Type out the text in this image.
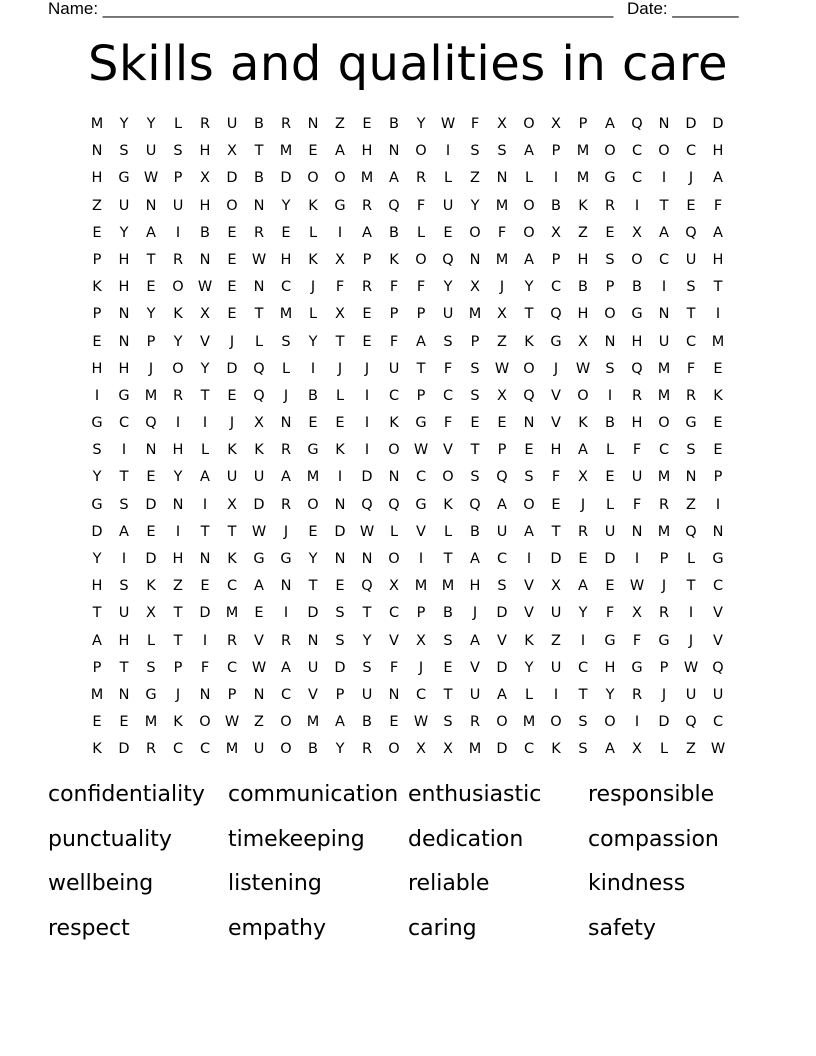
Name: ______________________________________________________ Date: _______
Skills and qualities in care
M	Y	Y	L	R	U	B	R	N	Z	E	B	Y W	F	X	O	X	P	A	Q	N	D	D
N	S	U	S	H	X	T	M	E	A	H	N	O	I	S	S	A	P	M O	C	O	C	H
H	G W P	X	D	B	D	O	O M	A	R	L	Z	N	L	I	M G	C	I	J	A
Z	U	N	U	H	O	N	Y	K	G	R	Q	F	U	Y	M O	B	K	R	I	T	E	F
E	Y	A	I	B	E	R	E	L	I	A	B	L	E	O	F	O	X	Z	E	X	A	Q	A
P	H	T	R	N	E W H	K	X	P	K	O	Q	N M	A	P	H	S	O	C	U	H
K	H	E	O W E	N	C	J	F	R	F	F	Y	X	J	Y	C	B	P	B	I	S	T
P	N	Y	K	X	E	T	M	L	X	E	P	P	U M	X	T	Q	H	O	G	N	T	I
E	N	P	Y	V	J	L	S	Y	T	E	F	A	S	P	Z	K	G	X	N	H	U	C	M
H	H	J	O	Y	D	Q	L	I	J	J	U	T	F	S W O	J	W S	Q M	F	E
I	G M	R	T	E	Q	J	B	L	I	C	P	C	S	X	Q	V	O	I	R	M	R	K
G	C	Q	I	I	J	X	N	E	E	I	K	G	F	E	E	N	V	K	B	H	O	G	E
S	I	N	H	L	K	K	R	G	K	I	O W V	T	P	E	H	A	L	F	C	S	E
Y	T	E	Y	A	U	U	A	M	I	D	N	C	O	S	Q	S	F	X	E	U M N	P
G	S	D	N	I	X	D	R	O	N	Q	Q	G	K	Q	A	O	E	J	L	F	R	Z	I
D	A	E	I	T	T W	J	E	D W	L	V	L	B	U	A	T	R	U	N M Q	N
Y	I	D	H	N	K	G	G	Y	N	N	O	I	T	A	C	I	D	E	D	I	P	L	G
H	S	K	Z	E	C	A	N	T	E	Q	X	M M H	S	V	X	A	E W	J	T	C
T	U	X	T	D M	E	I	D	S	T	C	P	B	J	D	V	U	Y	F	X	R	I	V
A	H	L	T	I	R	V	R	N	S	Y	V	X	S	A	V	K	Z	I	G	F	G	J	V
P	T	S	P	F	C W A	U	D	S	F	J	E	V	D	Y	U	C	H	G	P W Q
M N	G	J	N	P	N	C	V	P	U	N	C	T	U	A	L	I	T	Y	R	J	U	U
E	E	M	K	O W Z	O M	A	B	E W S	R	O M O	S	O	I	D	Q	C
K	D	R	C	C	M U	O	B	Y	R	O	X	X	M D	C	K	S	A	X	L	Z W
confidentiality	communication enthusiastic	responsible
punctuality	timekeeping	dedication	compassion
wellbeing	listening	reliable	kindness
respect	empathy	caring	safety
